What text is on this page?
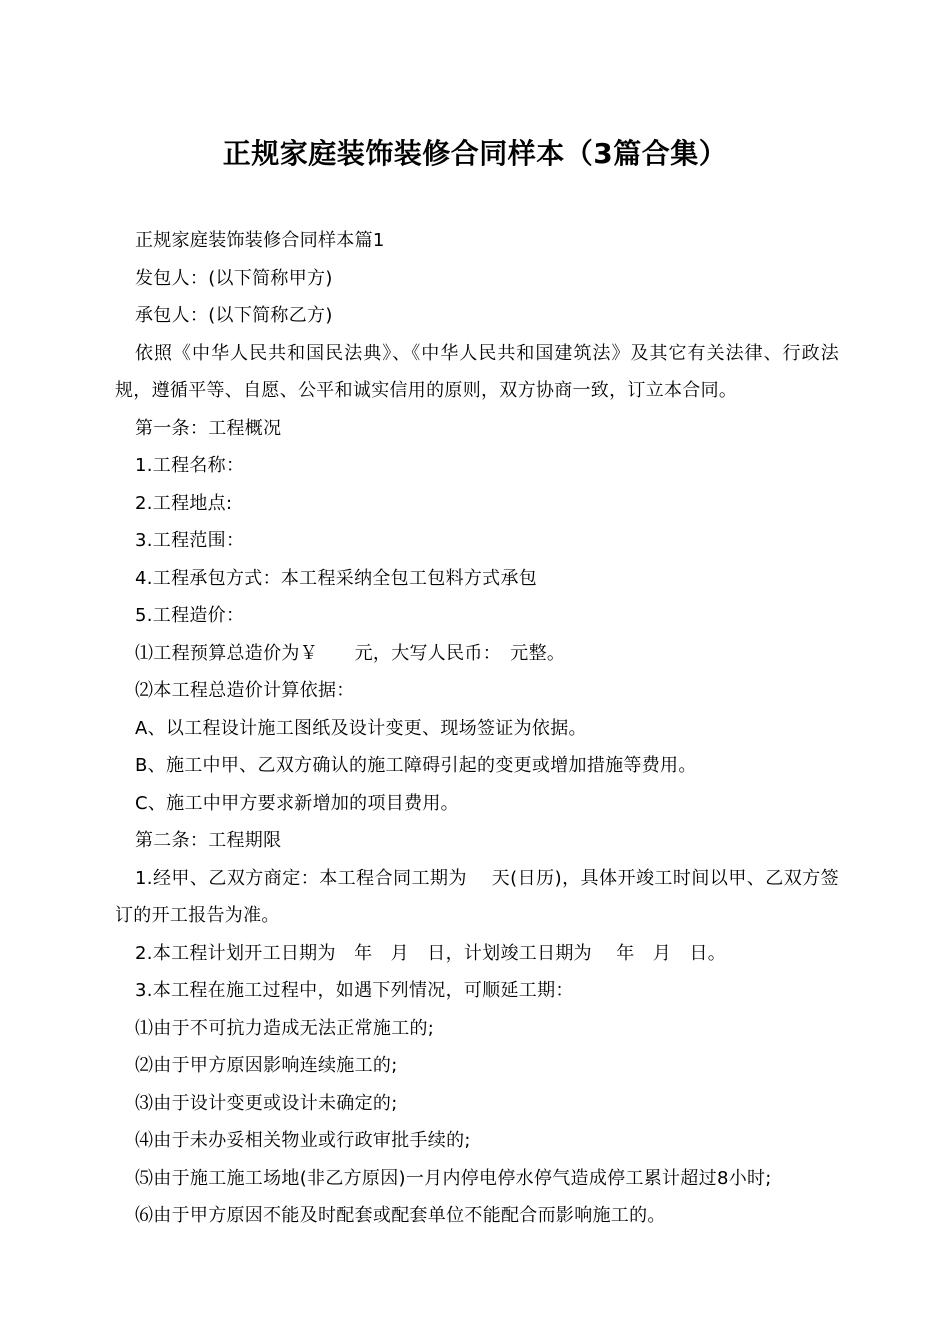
正规家庭装饰装修合同样本（3篇合集）

正规家庭装饰装修合同样本篇1

发包人：(以下简称甲方)

承包人：(以下简称乙方)

依照《中华人民共和国民法典》、《中华人民共和国建筑法》及其它有关法律、行政法规，遵循平等、自愿、公平和诚实信用的原则，双方协商一致，订立本合同。

第一条：工程概况

1.工程名称：

2.工程地点:

3.工程范围：

4.工程承包方式：本工程采纳全包工包料方式承包

5.工程造价：

⑴工程预算总造价为￥　　元，大写人民币：　元整。

⑵本工程总造价计算依据：

A、以工程设计施工图纸及设计变更、现场签证为依据。

B、施工中甲、乙双方确认的施工障碍引起的变更或增加措施等费用。

C、施工中甲方要求新增加的项目费用。

第二条：工程期限

1.经甲、乙双方商定：本工程合同工期为　 天(日历)，具体开竣工时间以甲、乙双方签订的开工报告为准。

2.本工程计划开工日期为　年　月　日，计划竣工日期为　 年　月　日。

3.本工程在施工过程中，如遇下列情况，可顺延工期：

⑴由于不可抗力造成无法正常施工的;

⑵由于甲方原因影响连续施工的;

⑶由于设计变更或设计未确定的;

⑷由于未办妥相关物业或行政审批手续的;

⑸由于施工施工场地(非乙方原因)一月内停电停水停气造成停工累计超过8小时;

⑹由于甲方原因不能及时配套或配套单位不能配合而影响施工的。
